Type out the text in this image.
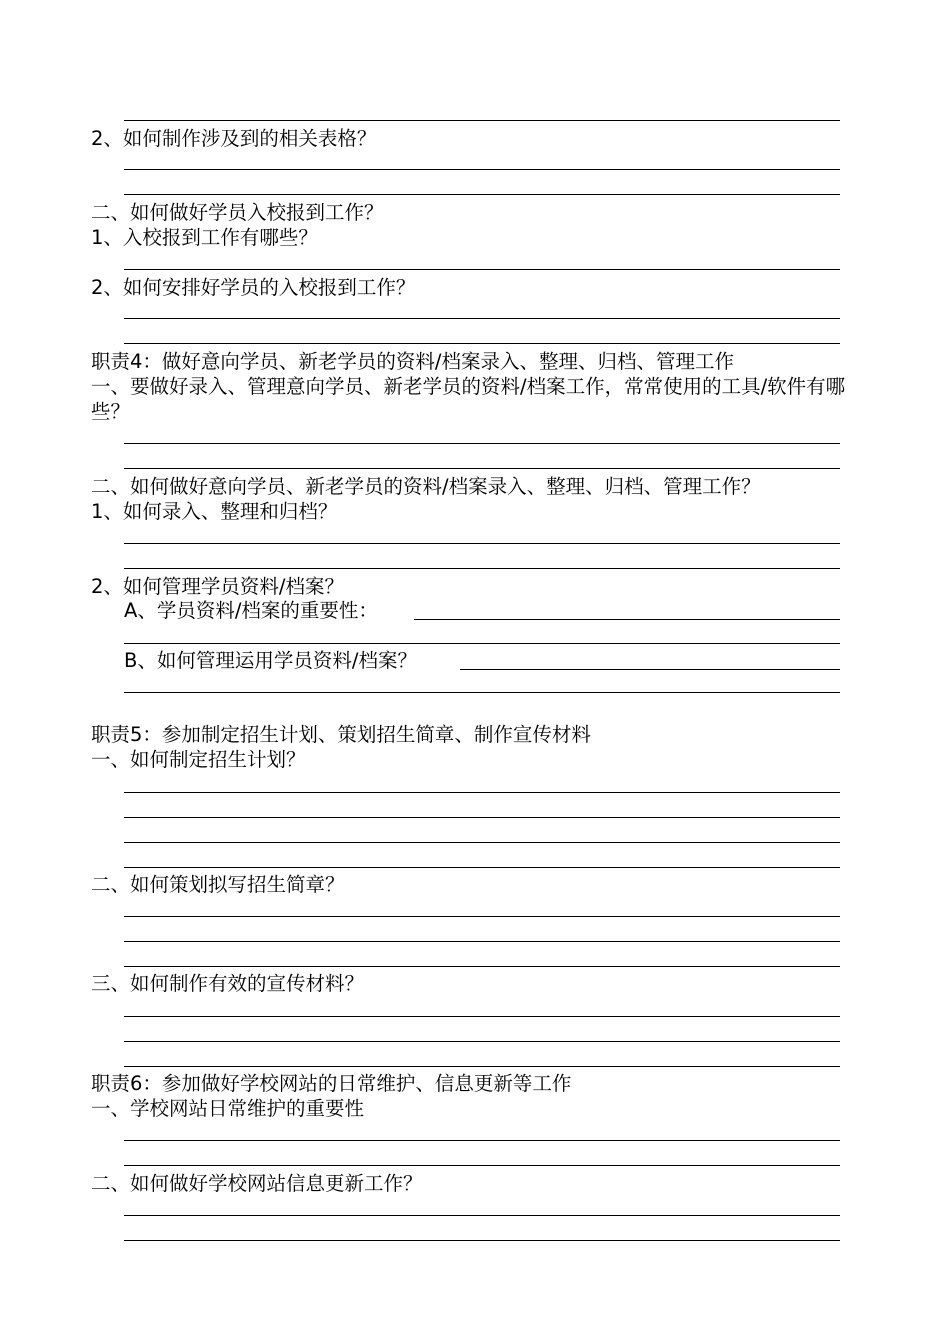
2、如何制作涉及到的相关表格？
二、如何做好学员入校报到工作？
1、入校报到工作有哪些？
2、如何安排好学员的入校报到工作？
职责4：做好意向学员、新老学员的资料/档案录入、整理、归档、管理工作
一、要做好录入、管理意向学员、新老学员的资料/档案工作，常常使用的工具/软件有哪些？
二、如何做好意向学员、新老学员的资料/档案录入、整理、归档、管理工作？
1、如何录入、整理和归档？
2、如何管理学员资料/档案？
A、学员资料/档案的重要性：
B、如何管理运用学员资料/档案？
职责5：参加制定招生计划、策划招生简章、制作宣传材料
一、如何制定招生计划？
二、如何策划拟写招生简章？
三、如何制作有效的宣传材料？
职责6：参加做好学校网站的日常维护、信息更新等工作
一、学校网站日常维护的重要性
二、如何做好学校网站信息更新工作？
